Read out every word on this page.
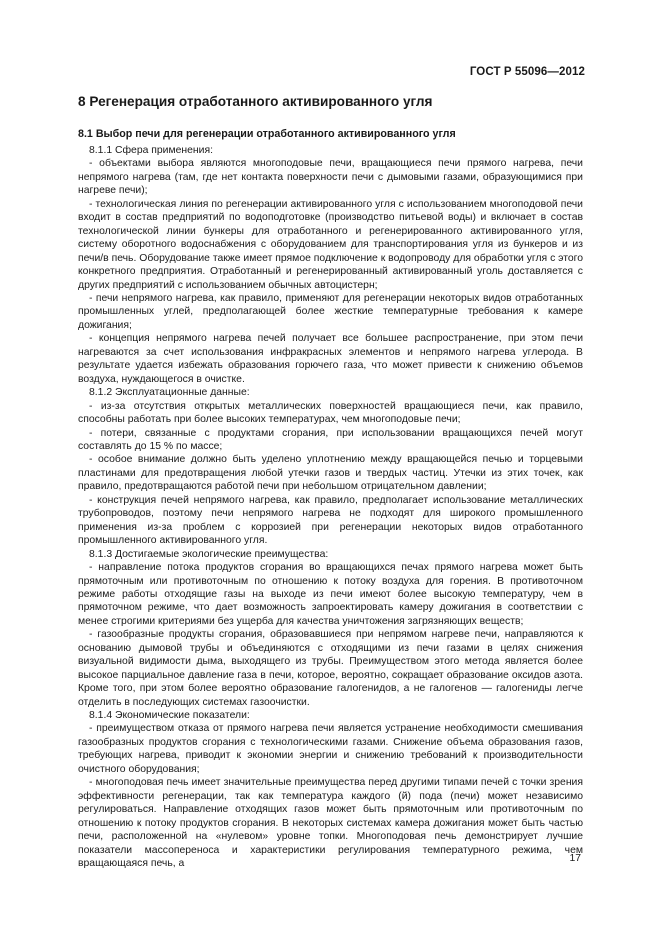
ГОСТ Р 55096—2012
8 Регенерация отработанного активированного угля
8.1 Выбор печи для регенерации отработанного активированного угля

8.1.1 Сфера применения:

- объектами выбора являются многоподовые печи, вращающиеся печи прямого нагрева, печи непрямого нагрева (там, где нет контакта поверхности печи с дымовыми газами, образующимися при нагреве печи);

- технологическая линия по регенерации активированного угля с использованием многоподовой печи входит в состав предприятий по водоподготовке (производство питьевой воды) и включает в состав технологической линии бункеры для отработанного и регенерированного активированного угля, систему оборотного водоснабжения с оборудованием для транспортирования угля из бункеров и из печи/в печь. Оборудование также имеет прямое подключение к водопроводу для обработки угля с этого конкретного предприятия. Отработанный и регенерированный активированный уголь доставляется с других предприятий с использованием обычных автоцистерн;

- печи непрямого нагрева, как правило, применяют для регенерации некоторых видов отработанных промышленных углей, предполагающей более жесткие температурные требования к камере дожигания;

- концепция непрямого нагрева печей получает все большее распространение, при этом печи нагреваются за счет использования инфракрасных элементов и непрямого нагрева углерода. В результате удается избежать образования горючего газа, что может привести к снижению объемов воздуха, нуждающегося в очистке.

8.1.2 Эксплуатационные данные:

- из-за отсутствия открытых металлических поверхностей вращающиеся печи, как правило, способны работать при более высоких температурах, чем многоподовые печи;

- потери, связанные с продуктами сгорания, при использовании вращающихся печей могут составлять до 15 % по массе;

- особое внимание должно быть уделено уплотнению между вращающейся печью и торцевыми пластинами для предотвращения любой утечки газов и твердых частиц. Утечки из этих точек, как правило, предотвращаются работой печи при небольшом отрицательном давлении;

- конструкция печей непрямого нагрева, как правило, предполагает использование металлических трубопроводов, поэтому печи непрямого нагрева не подходят для широкого промышленного применения из-за проблем с коррозией при регенерации некоторых видов отработанного промышленного активированного угля.

8.1.3 Достигаемые экологические преимущества:

- направление потока продуктов сгорания во вращающихся печах прямого нагрева может быть прямоточным или противоточным по отношению к потоку воздуха для горения. В противоточном режиме работы отходящие газы на выходе из печи имеют более высокую температуру, чем в прямоточном режиме, что дает возможность запроектировать камеру дожигания в соответствии с менее строгими критериями без ущерба для качества уничтожения загрязняющих веществ;

- газообразные продукты сгорания, образовавшиеся при непрямом нагреве печи, направляются к основанию дымовой трубы и объединяются с отходящими из печи газами в целях снижения визуальной видимости дыма, выходящего из трубы. Преимуществом этого метода является более высокое парциальное давление газа в печи, которое, вероятно, сокращает образование оксидов азота. Кроме того, при этом более вероятно образование галогенидов, а не галогенов — галогениды легче отделить в последующих системах газоочистки.

8.1.4 Экономические показатели:

- преимуществом отказа от прямого нагрева печи является устранение необходимости смешивания газообразных продуктов сгорания с технологическими газами. Снижение объема образования газов, требующих нагрева, приводит к экономии энергии и снижению требований к производительности очистного оборудования;

- многоподовая печь имеет значительные преимущества перед другими типами печей с точки зрения эффективности регенерации, так как температура каждого (й) пода (печи) может независимо регулироваться. Направление отходящих газов может быть прямоточным или противоточным по отношению к потоку продуктов сгорания. В некоторых системах камера дожигания может быть частью печи, расположенной на «нулевом» уровне топки. Многоподовая печь демонстрирует лучшие показатели массопереноса и характеристики регулирования температурного режима, чем вращающаяся печь, а	17
